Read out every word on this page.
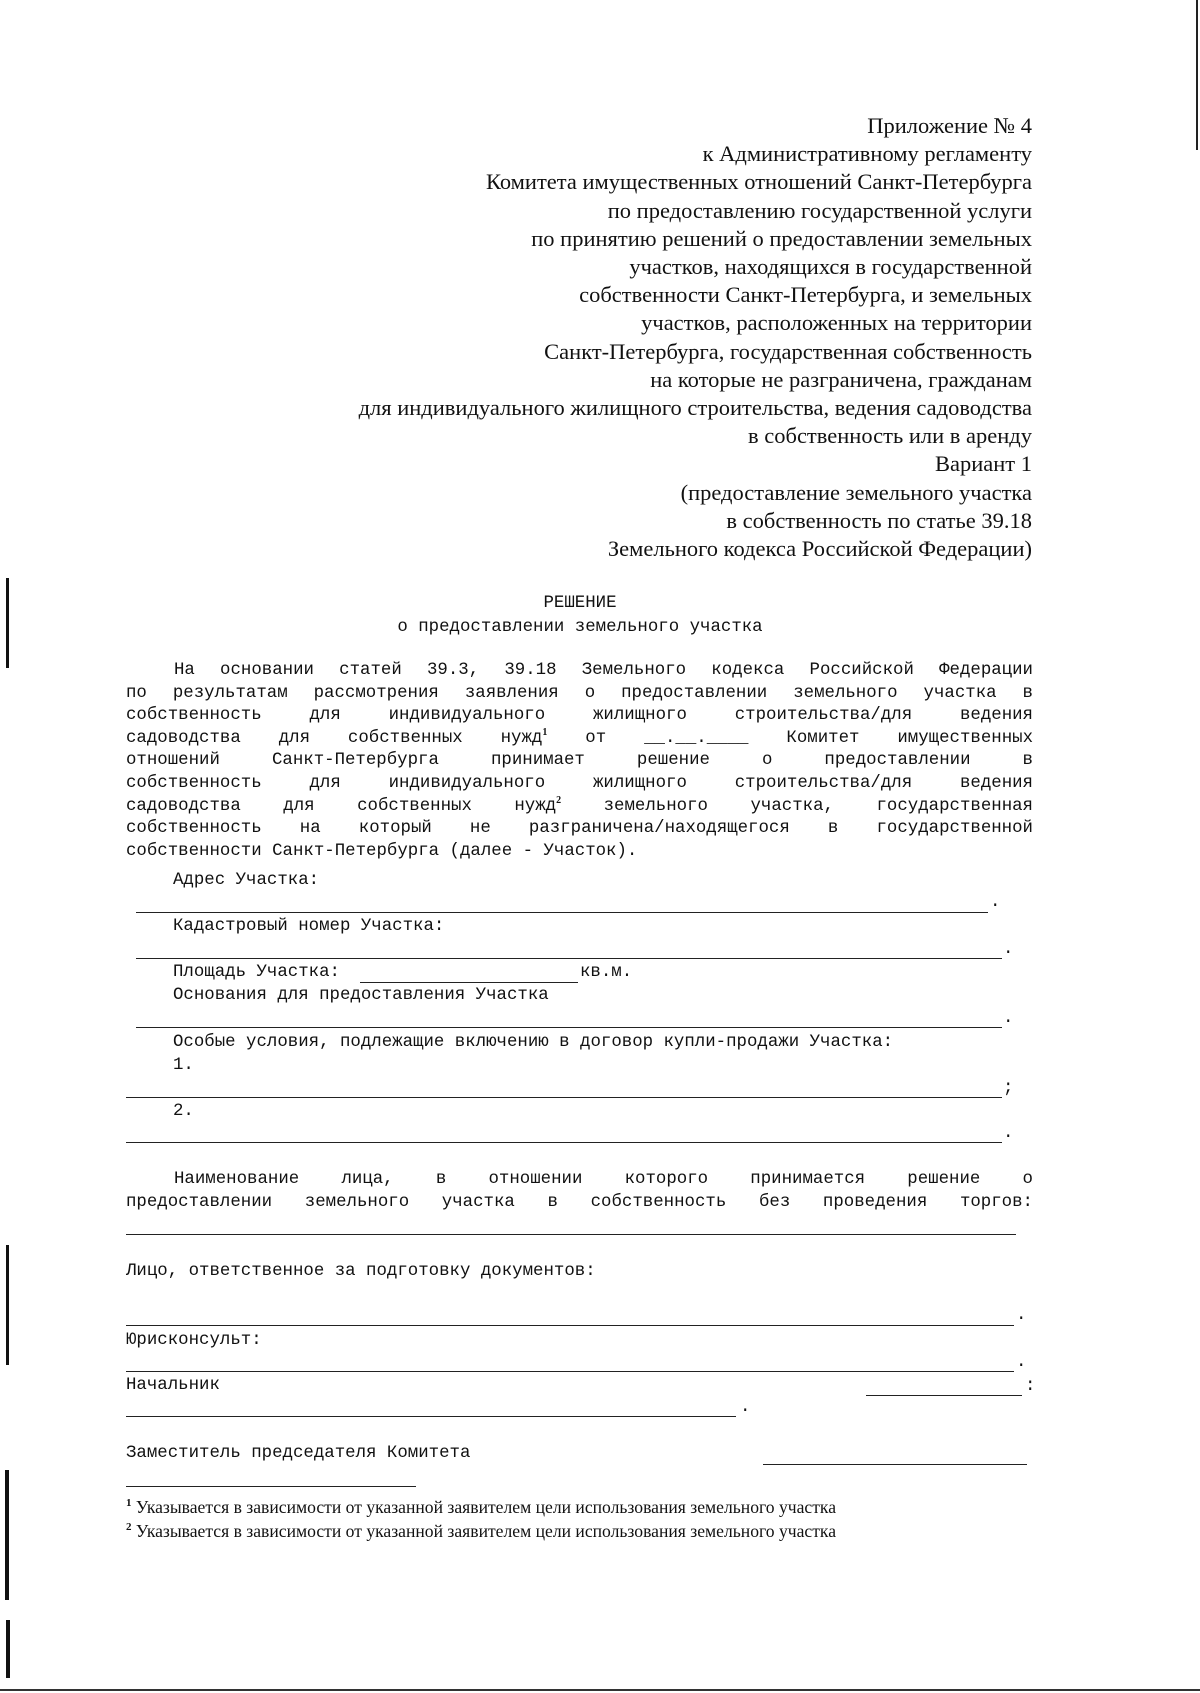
Приложение № 4
к Административному регламенту
Комитета имущественных отношений Санкт-Петербурга
по предоставлению государственной услуги
по принятию решений о предоставлении земельных
участков, находящихся в государственной
собственности Санкт-Петербурга, и земельных
участков, расположенных на территории
Санкт-Петербурга, государственная собственность
на которые не разграничена, гражданам
для индивидуального жилищного строительства, ведения садоводства
в собственность или в аренду
Вариант 1
(предоставление земельного участка
в собственность по статье 39.18
Земельного кодекса Российской Федерации)
РЕШЕНИЕ
о предоставлении земельного участка
На основании статей 39.3, 39.18 Земельного кодекса Российской Федерации
по результатам рассмотрения заявления о предоставлении земельного участка в
собственность для индивидуального жилищного строительства/для ведения
садоводства для собственных нужд$^1$ от __.__.____ Комитет имущественных
отношений Санкт-Петербурга принимает решение о предоставлении в
собственность для индивидуального жилищного строительства/для ведения
садоводства для собственных нужд$^2$ земельного участка, государственная
собственность на который не разграничена/находящегося в государственной
собственности Санкт-Петербурга (далее - Участок).
Адрес Участка:
.
Кадастровый номер Участка:
.
Площадь Участка:	кв.м.
Основания для предоставления Участка
.
Особые условия, подлежащие включению в договор купли-продажи Участка:
1.
;
2.
.
Наименование лица, в отношении которого принимается решение о
предоставлении земельного участка в собственность без проведения торгов:
Лицо, ответственное за подготовку документов:
.
Юрисконсульт:
.
Начальник	:
.
Заместитель председателя Комитета
$^1$ Указывается в зависимости от указанной заявителем цели использования земельного участка
$^2$ Указывается в зависимости от указанной заявителем цели использования земельного участка
